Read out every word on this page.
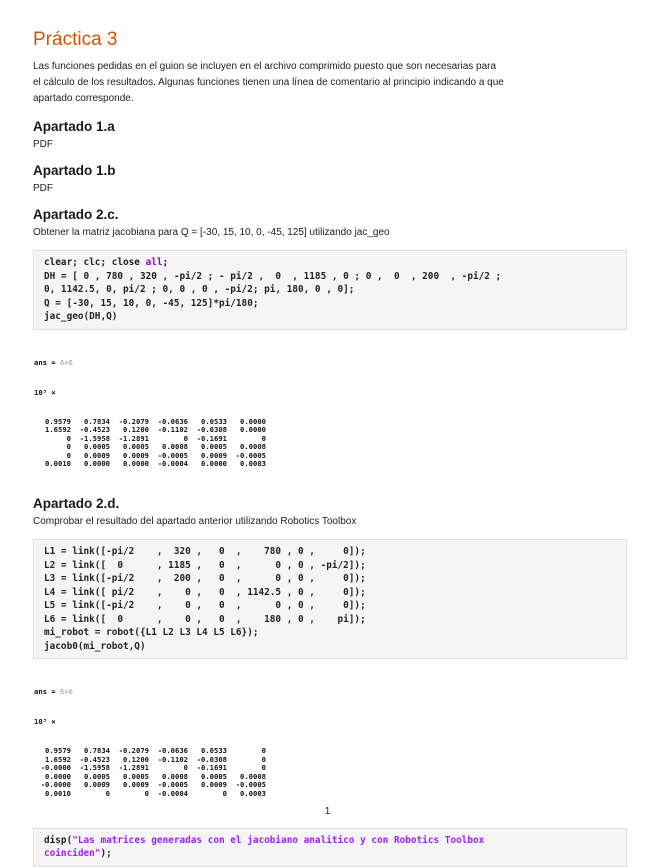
Práctica 3

Las funciones pedidas en el guion se incluyen en el archivo comprimido puesto que son necesarias para

el cálculo de los resultados. Algunas funciones tienen una línea de comentario al principio indicando a que

apartado corresponde.

Apartado 1.a

PDF

Apartado 1.b

PDF

Apartado 2.c.

Obtener la matriz jacobiana para Q = [-30, 15, 10, 0, -45, 125] utilizando jac_geo

clear; clc; close all;
DH = [ 0 , 780 , 320 , -pi/2 ; - pi/2 ,  0  , 1185 , 0 ; 0 ,  0  , 200  , -pi/2 ;
0, 1142.5, 0, pi/2 ; 0, 0 , 0 , -pi/2; pi, 180, 0 , 0];
Q = [-30, 15, 10, 0, -45, 125]*pi/180;
jac_geo(DH,Q)

ans = 6×6

10³ ×

0.9579	0.7834	-0.2079	-0.0636	0.0533	0.0000
1.6592	-0.4523	0.1200	-0.1102	-0.0308	0.0000
0	-1.5958	-1.2891	0	-0.1691	0
0	0.0005	0.0005	0.0008	0.0005	0.0008
0	0.0009	0.0009	-0.0005	0.0009	-0.0005
0.0010	0.0000	0.0000	-0.0004	0.0000	0.0003

Apartado 2.d.

Comprobar el resultado del apartado anterior utilizando Robotics Toolbox

L1 = link([-pi/2    ,  320 ,   0  ,    780 , 0 ,     0]);
L2 = link([  0      , 1185 ,   0  ,      0 , 0 , -pi/2]);
L3 = link([-pi/2    ,  200 ,   0  ,      0 , 0 ,     0]);
L4 = link([ pi/2    ,    0 ,   0  , 1142.5 , 0 ,     0]);
L5 = link([-pi/2    ,    0 ,   0  ,      0 , 0 ,     0]);
L6 = link([  0      ,    0 ,   0  ,    180 , 0 ,    pi]);
mi_robot = robot({L1 L2 L3 L4 L5 L6});
jacob0(mi_robot,Q)

ans = 6×6

10³ ×

0.9579	0.7834	-0.2079	-0.0636	0.0533	0
1.6592	-0.4523	0.1200	-0.1102	-0.0308	0
-0.0000	-1.5958	-1.2891	0	-0.1691	0
0.0000	0.0005	0.0005	0.0008	0.0005	0.0008
-0.0000	0.0009	0.0009	-0.0005	0.0009	-0.0005
0.0010	0	0	-0.0004	0	0.0003

disp("Las matrices generadas con el jacobiano analitico y con Robotics Toolbox
coinciden");
1
